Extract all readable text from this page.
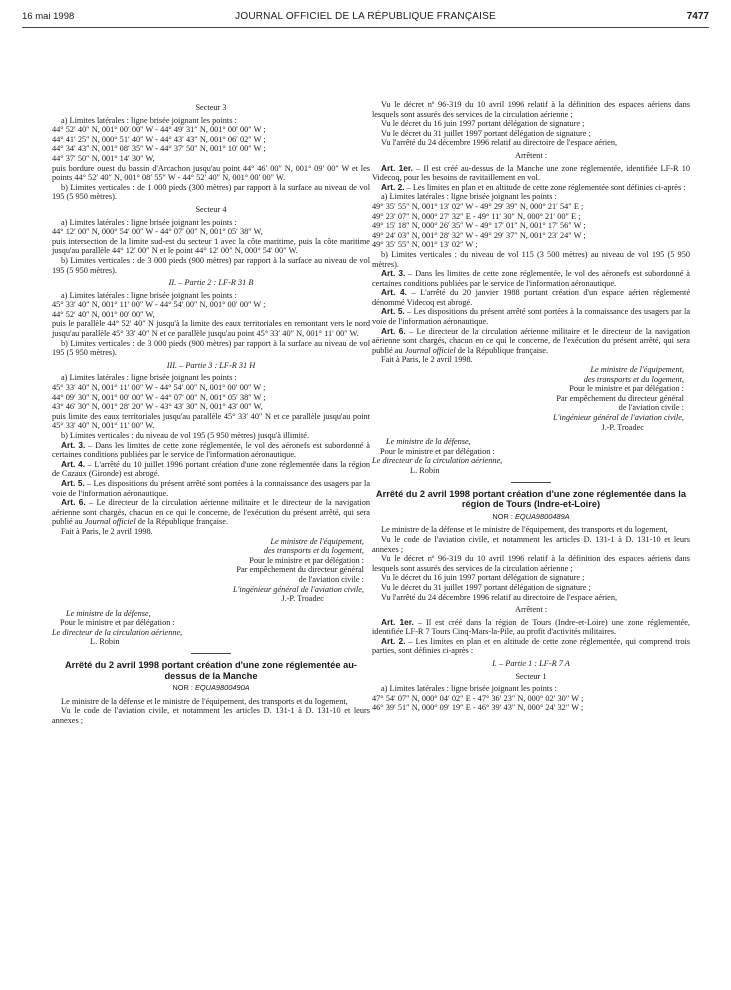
16 mai 1998	JOURNAL OFFICIEL DE LA RÉPUBLIQUE FRANÇAISE	7477
Secteur 3

a) Limites latérales : ligne brisée joignant les points :

44° 52′ 40″ N, 001° 00′ 00″ W - 44° 49′ 31″ N, 001° 00′ 00″ W ;

44° 41′ 25″ N, 000° 51′ 40″ W - 44° 43′ 43″ N, 001° 06′ 02″ W ;

44° 34′ 43″ N, 001° 08′ 35″ W - 44° 37′ 50″ N, 001° 10′ 00″ W ;

44° 37′ 50″ N, 001° 14′ 30″ W,

puis bordure ouest du bassin d'Arcachon jusqu'au point 44° 46′ 00″ N, 001° 09′ 00″ W et les points 44° 52′ 40″ N, 001° 08′ 55″ W - 44° 52′ 40″ N, 001° 00′ 00″ W.

b) Limites verticales : de 1 000 pieds (300 mètres) par rapport à la surface au niveau de vol 195 (5 950 mètres).

Secteur 4

a) Limites latérales : ligne brisée joignant les points :

44° 12′ 00″ N, 000° 54′ 00″ W - 44° 07′ 00″ N, 001° 05′ 38″ W,

puis intersection de la limite sud-est du secteur 1 avec la côte maritime, puis la côte maritime jusqu'au parallèle 44° 12′ 00″ N et le point 44° 12′ 00″ N, 000° 54′ 00″ W.

b) Limites verticales : de 3 000 pieds (900 mètres) par rapport à la surface au niveau de vol 195 (5 950 mètres).

II. – Partie 2 : LF-R 31 B

a) Limites latérales : ligne brisée joignant les points :

45° 33′ 40″ N, 001° 11′ 00″ W - 44° 54′ 00″ N, 001° 00′ 00″ W ;

44° 52′ 40″ N, 001° 00′ 00″ W,

puis le parallèle 44° 52′ 40″ N jusqu'à la limite des eaux territoriales en remontant vers le nord jusqu'au parallèle 45° 33′ 40″ N et ce parallèle jusqu'au point 45° 33′ 40″ N, 001° 11′ 00″ W.

b) Limites verticales : de 3 000 pieds (900 mètres) par rapport à la surface au niveau de vol 195 (5 950 mètres).

III. – Partie 3 : LF-R 31 H

a) Limites latérales : ligne brisée joignant les points :

45° 33′ 40″ N, 001° 11′ 00″ W - 44° 54′ 00″ N, 001° 00′ 00″ W ;

44° 09′ 30″ N, 001° 00′ 00″ W - 44° 07′ 00″ N, 001° 05′ 38″ W ;

43° 46′ 30″ N, 001° 28′ 20″ W - 43° 43′ 30″ N, 001° 43′ 00″ W,

puis limite des eaux territoriales jusqu'au parallèle 45° 33′ 40″ N et ce parallèle jusqu'au point 45° 33′ 40″ N, 001° 11′ 00″ W.

b) Limites verticales : du niveau de vol 195 (5 950 mètres) jusqu'à illimité.

Art. 3. – Dans les limites de cette zone réglementée, le vol des aéronefs est subordonné à certaines conditions publiées par le service de l'information aéronautique.

Art. 4. – L'arrêté du 10 juillet 1996 portant création d'une zone réglementée dans la région de Cazaux (Gironde) est abrogé.

Art. 5. – Les dispositions du présent arrêté sont portées à la connaissance des usagers par la voie de l'information aéronautique.

Art. 6. – Le directeur de la circulation aérienne militaire et le directeur de la navigation aérienne sont chargés, chacun en ce qui le concerne, de l'exécution du présent arrêté, qui sera publié au Journal officiel de la République française.

Fait à Paris, le 2 avril 1998.

Le ministre de l'équipement,

des transports et du logement,

Pour le ministre et par délégation :

Par empêchement du directeur général

de l'aviation civile :

L'ingénieur général de l'aviation civile,

J.-P. Troadec

Le ministre de la défense,

Pour le ministre et par délégation :

Le directeur de la circulation aérienne,

L. Robin

Arrêté du 2 avril 1998 portant création d'une zone réglementée au-dessus de la Manche
NOR : EQUA9800490A

Le ministre de la défense et le ministre de l'équipement, des transports et du logement,

Vu le code de l'aviation civile, et notamment les articles D. 131-1 à D. 131-10 et leurs annexes ;

Vu le décret nº 96-319 du 10 avril 1996 relatif à la définition des espaces aériens dans lesquels sont assurés des services de la circulation aérienne ;

Vu le décret du 16 juin 1997 portant délégation de signature ;

Vu le décret du 31 juillet 1997 portant délégation de signature ;

Vu l'arrêté du 24 décembre 1996 relatif au directoire de l'espace aérien,

Arrêtent :

Art. 1er. – Il est créé au-dessus de la Manche une zone réglementée, identifiée LF-R 10 Videcoq, pour les besoins de ravitaillement en vol.

Art. 2. – Les limites en plan et en altitude de cette zone réglementée sont définies ci-après :

a) Limites latérales : ligne brisée joignant les points :

49° 35′ 55″ N, 001° 13′ 02″ W - 49° 29′ 39″ N, 000° 21′ 54″ E ;

49° 23′ 07″ N, 000° 27′ 32″ E - 49° 11′ 30″ N, 000° 21′ 00″ E ;

49° 15′ 18″ N, 000° 26′ 35″ W - 49° 17′ 01″ N, 001° 17′ 56″ W ;

49° 24′ 03″ N, 001° 28′ 32″ W - 49° 29′ 37″ N, 001° 23′ 24″ W ;

49° 35′ 55″ N, 001° 13′ 02″ W ;

b) Limites verticales : du niveau de vol 115 (3 500 mètres) au niveau de vol 195 (5 950 mètres).

Art. 3. – Dans les limites de cette zone réglementée, le vol des aéronefs est subordonné à certaines conditions publiées par le service de l'information aéronautique.

Art. 4. – L'arrêté du 20 janvier 1988 portant création d'un espace aérien réglementé dénommé Videcoq est abrogé.

Art. 5. – Les dispositions du présent arrêté sont portées à la connaissance des usagers par la voie de l'information aéronautique.

Art. 6. – Le directeur de la circulation aérienne militaire et le directeur de la navigation aérienne sont chargés, chacun en ce qui le concerne, de l'exécution du présent arrêté, qui sera publié au Journal officiel de la République française.

Fait à Paris, le 2 avril 1998.

Le ministre de l'équipement,

des transports et du logement,

Pour le ministre et par délégation :

Par empêchement du directeur général

de l'aviation civile :

L'ingénieur général de l'aviation civile,

J.-P. Troadec

Le ministre de la défense,

Pour le ministre et par délégation :

Le directeur de la circulation aérienne,

L. Robin

Arrêté du 2 avril 1998 portant création d'une zone réglementée dans la région de Tours (Indre-et-Loire)
NOR : EQUA9800489A

Le ministre de la défense et le ministre de l'équipement, des transports et du logement,

Vu le code de l'aviation civile, et notamment les articles D. 131-1 à D. 131-10 et leurs annexes ;

Vu le décret nº 96-319 du 10 avril 1996 relatif à la définition des espaces aériens dans lesquels sont assurés des services de la circulation aérienne ;

Vu le décret du 16 juin 1997 portant délégation de signature ;

Vu le décret du 31 juillet 1997 portant délégation de signature ;

Vu l'arrêté du 24 décembre 1996 relatif au directoire de l'espace aérien,

Arrêtent :

Art. 1er. – Il est créé dans la région de Tours (Indre-et-Loire) une zone réglementée, identifiée LF-R 7 Tours Cinq-Mars-la-Pile, au profit d'activités militaires.

Art. 2. – Les limites en plan et en altitude de cette zone réglementée, qui comprend trois parties, sont définies ci-après :

I. – Partie 1 : LF-R 7 A
Secteur 1

a) Limites latérales : ligne brisée joignant les points :

47° 54′ 07″ N, 000° 04′ 02″ E - 47° 36′ 23″ N, 000° 02′ 30″ W ;

46° 39′ 51″ N, 000° 09′ 19″ E - 46° 39′ 43″ N, 000° 24′ 32″ W ;
